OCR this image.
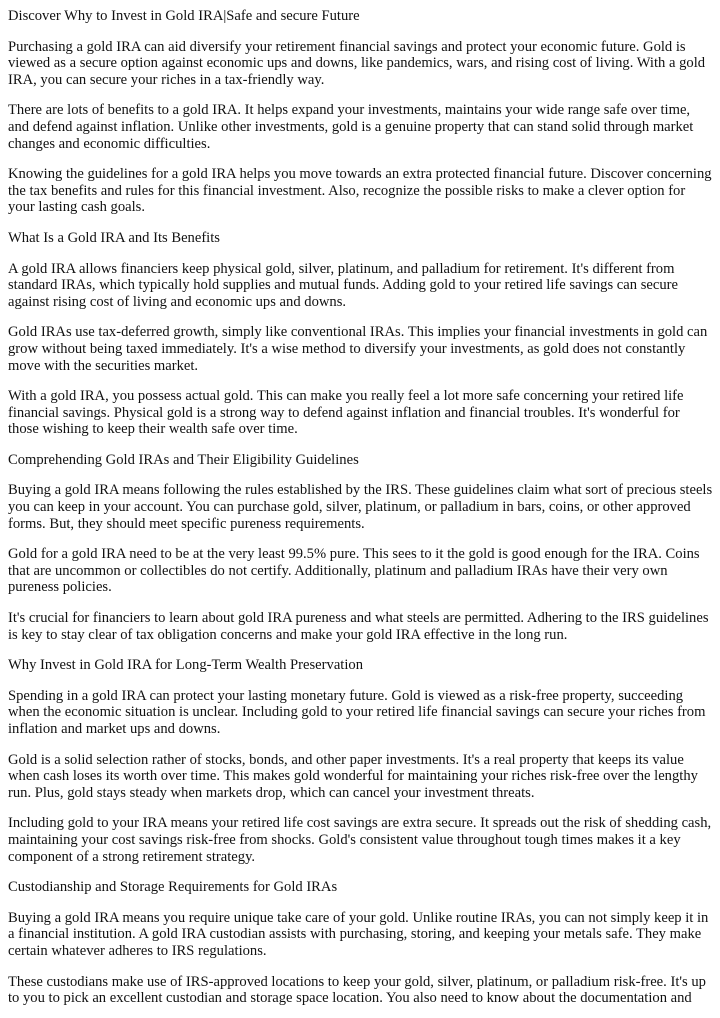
Discover Why to Invest in Gold IRA|Safe and secure Future

Purchasing a gold IRA can aid diversify your retirement financial savings and protect your economic future. Gold is viewed as a secure option against economic ups and downs, like pandemics, wars, and rising cost of living. With a gold IRA, you can secure your riches in a tax-friendly way.

There are lots of benefits to a gold IRA. It helps expand your investments, maintains your wide range safe over time, and defend against inflation. Unlike other investments, gold is a genuine property that can stand solid through market changes and economic difficulties.

Knowing the guidelines for a gold IRA helps you move towards an extra protected financial future. Discover concerning the tax benefits and rules for this financial investment. Also, recognize the possible risks to make a clever option for your lasting cash goals.

What Is a Gold IRA and Its Benefits

A gold IRA allows financiers keep physical gold, silver, platinum, and palladium for retirement. It's different from standard IRAs, which typically hold supplies and mutual funds. Adding gold to your retired life savings can secure against rising cost of living and economic ups and downs.

Gold IRAs use tax-deferred growth, simply like conventional IRAs. This implies your financial investments in gold can grow without being taxed immediately. It's a wise method to diversify your investments, as gold does not constantly move with the securities market.

With a gold IRA, you possess actual gold. This can make you really feel a lot more safe concerning your retired life financial savings. Physical gold is a strong way to defend against inflation and financial troubles. It's wonderful for those wishing to keep their wealth safe over time.

Comprehending Gold IRAs and Their Eligibility Guidelines

Buying a gold IRA means following the rules established by the IRS. These guidelines claim what sort of precious steels you can keep in your account. You can purchase gold, silver, platinum, or palladium in bars, coins, or other approved forms. But, they should meet specific pureness requirements.

Gold for a gold IRA need to be at the very least 99.5% pure. This sees to it the gold is good enough for the IRA. Coins that are uncommon or collectibles do not certify. Additionally, platinum and palladium IRAs have their very own pureness policies.

It's crucial for financiers to learn about gold IRA pureness and what steels are permitted. Adhering to the IRS guidelines is key to stay clear of tax obligation concerns and make your gold IRA effective in the long run.

Why Invest in Gold IRA for Long-Term Wealth Preservation

Spending in a gold IRA can protect your lasting monetary future. Gold is viewed as a risk-free property, succeeding when the economic situation is unclear. Including gold to your retired life financial savings can secure your riches from inflation and market ups and downs.

Gold is a solid selection rather of stocks, bonds, and other paper investments. It's a real property that keeps its value when cash loses its worth over time. This makes gold wonderful for maintaining your riches risk-free over the lengthy run. Plus, gold stays steady when markets drop, which can cancel your investment threats.

Including gold to your IRA means your retired life cost savings are extra secure. It spreads out the risk of shedding cash, maintaining your cost savings risk-free from shocks. Gold's consistent value throughout tough times makes it a key component of a strong retirement strategy.

Custodianship and Storage Requirements for Gold IRAs

Buying a gold IRA means you require unique take care of your gold. Unlike routine IRAs, you can not simply keep it in a financial institution. A gold IRA custodian assists with purchasing, storing, and keeping your metals safe. They make certain whatever adheres to IRS regulations.

These custodians make use of IRS-approved locations to keep your gold, silver, platinum, or palladium risk-free. It's up to you to pick an excellent custodian and storage space location. You also need to know about the documentation and
